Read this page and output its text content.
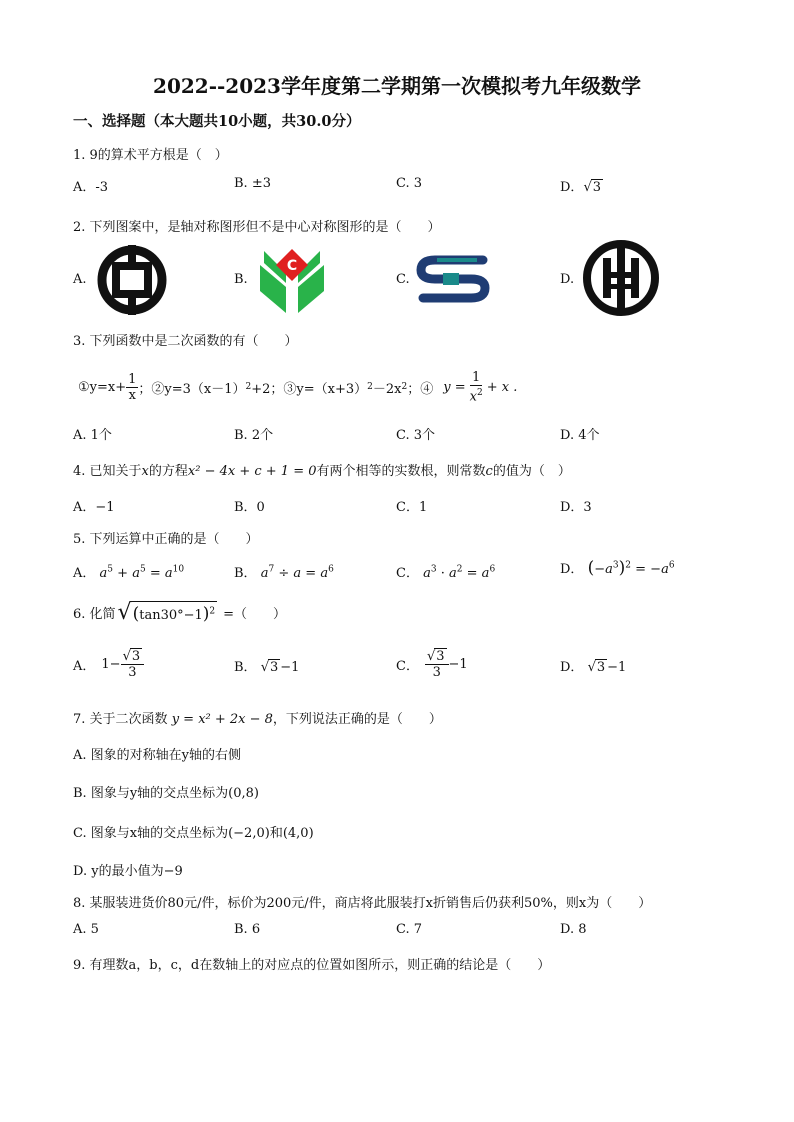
2022--2023学年度第二学期第一次模拟考九年级数学
一、选择题（本大题共10小题，共30.0分）
1. 9的算术平方根是（　）
A．-3	B. ±3	C. 3	D．√3
2. 下列图案中，是轴对称图形但不是中心对称图形的是（　　）
A.	B.	C.	D.
C
3. 下列函数中是二次函数的有（　　）
①y=x+ $\frac{1}{x}$ ；②y=3（x－1） 2 +2；③y=（x+3） 2 －2x 2 ；④ $y = \frac{1}{x^2} + x$ .
A. 1个	B. 2个	C. 3个	D. 4个
4. 已知关于x的方程x² − 4x + c + 1 = 0有两个相等的实数根，则常数c的值为（　）
A．−1	B．0	C．1	D．3
5. 下列运算中正确的是（　　）
A． $a^5 + a^5 = a^{10}$	B． $a^7 \div a = a^6$	C． $a^3 \cdot a^2 = a^6$	D． $(-a^3)^2 = -a^6$
6. 化简 √ $(\tan 30^\circ-1)^2$ =（　　）
A． $1- \frac{√3}{3}$	B． √3 −1	C． $\frac{√3}{3} -1$	D． √3 −1
7. 关于二次函数 y = x² + 2x − 8，下列说法正确的是（　　）
A. 图象的对称轴在y轴的右侧
B. 图象与y轴的交点坐标为(0,8)
C. 图象与x轴的交点坐标为(−2,0)和(4,0)
D. y的最小值为−9
8. 某服装进货价80元/件，标价为200元/件，商店将此服装打x折销售后仍获利50%，则x为（　　）
A. 5	B. 6	C. 7	D. 8
9. 有理数a，b，c，d在数轴上的对应点的位置如图所示，则正确的结论是（　　）
